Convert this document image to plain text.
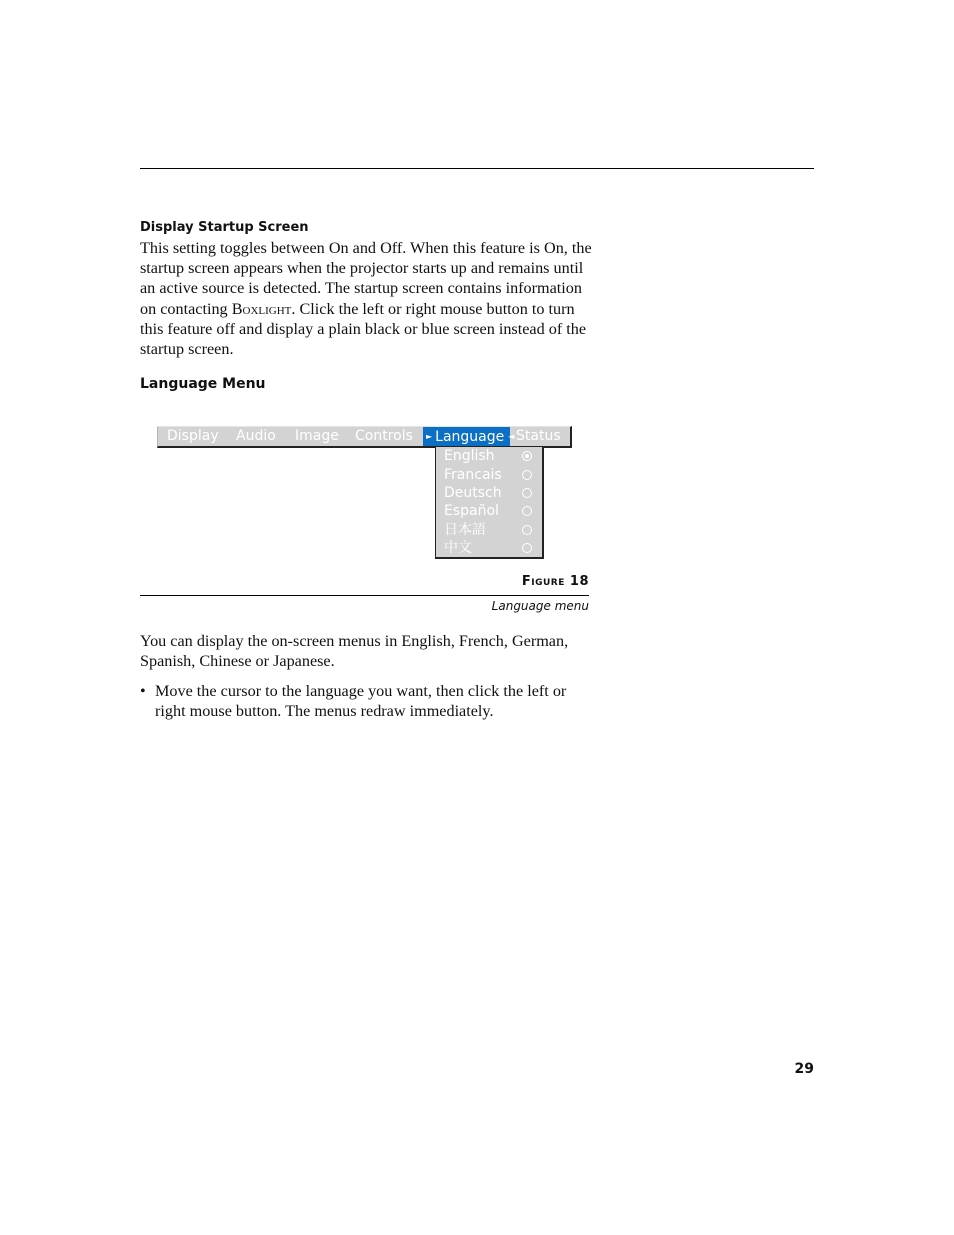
Display Startup Screen

This setting toggles between On and Off. When this feature is On, the startup screen appears when the projector starts up and remains until an active source is detected. The startup screen contains information on contacting Boxlight. Click the left or right mouse button to turn this feature off and display a plain black or blue screen instead of the startup screen.

Language Menu
Display Audio Image Controls	► Language ◄ Status
English
Francais
Deutsch
Español
日本語
中文
Figure 18
Language menu

You can display the on-screen menus in English, French, German, Spanish, Chinese or Japanese.

• Move the cursor to the language you want, then click the left or right mouse button. The menus redraw immediately.
29
